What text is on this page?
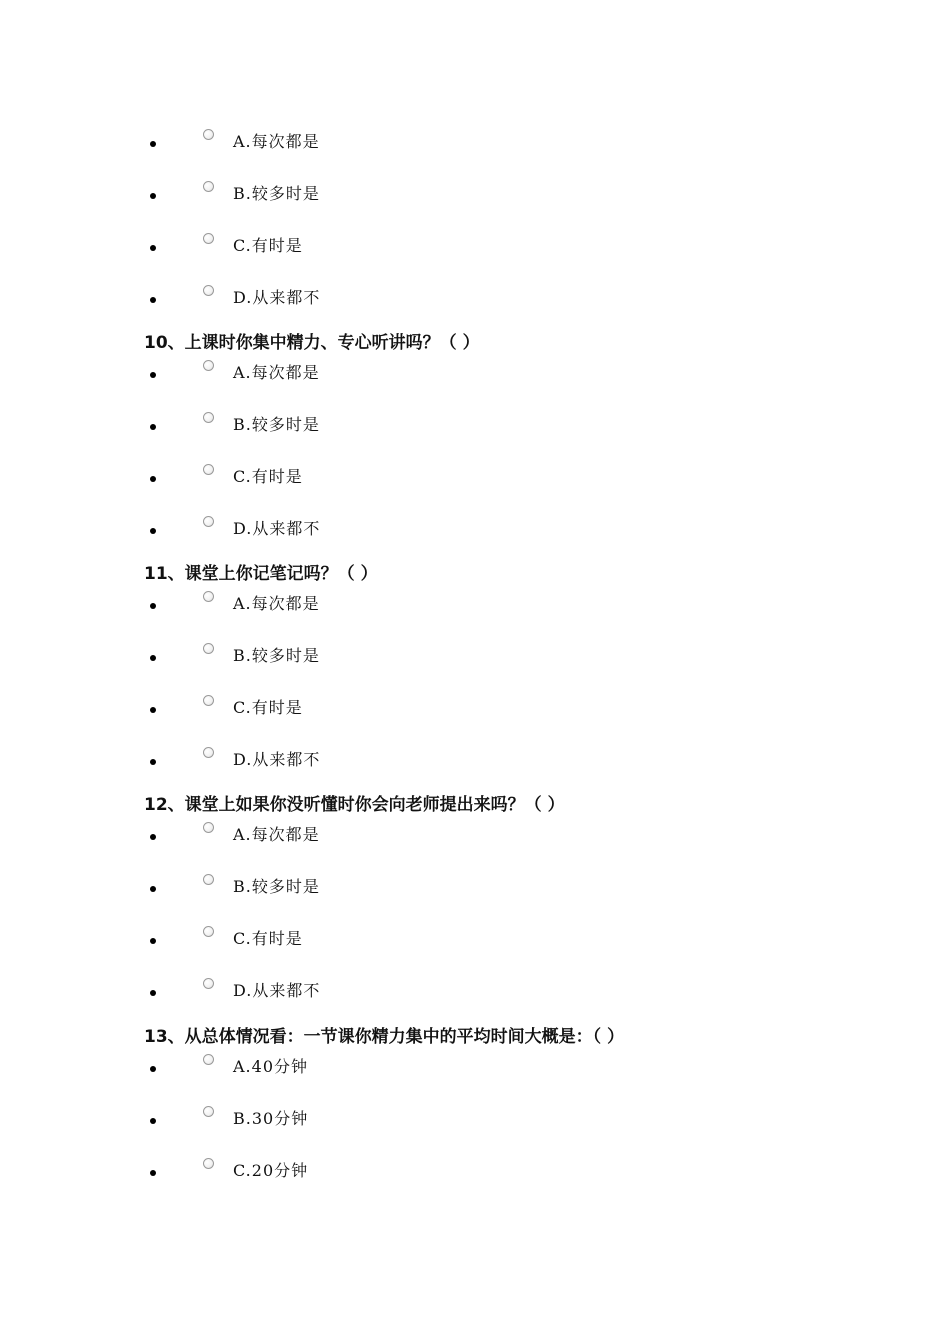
A.每次都是
B.较多时是
C.有时是
D.从来都不
10、上课时你集中精力、专心听讲吗？（ ）
A.每次都是
B.较多时是
C.有时是
D.从来都不
11、课堂上你记笔记吗？（ ）
A.每次都是
B.较多时是
C.有时是
D.从来都不
12、课堂上如果你没听懂时你会向老师提出来吗？（ ）
A.每次都是
B.较多时是
C.有时是
D.从来都不
13、从总体情况看：一节课你精力集中的平均时间大概是：（ ）
A.40分钟
B.30分钟
C.20分钟
